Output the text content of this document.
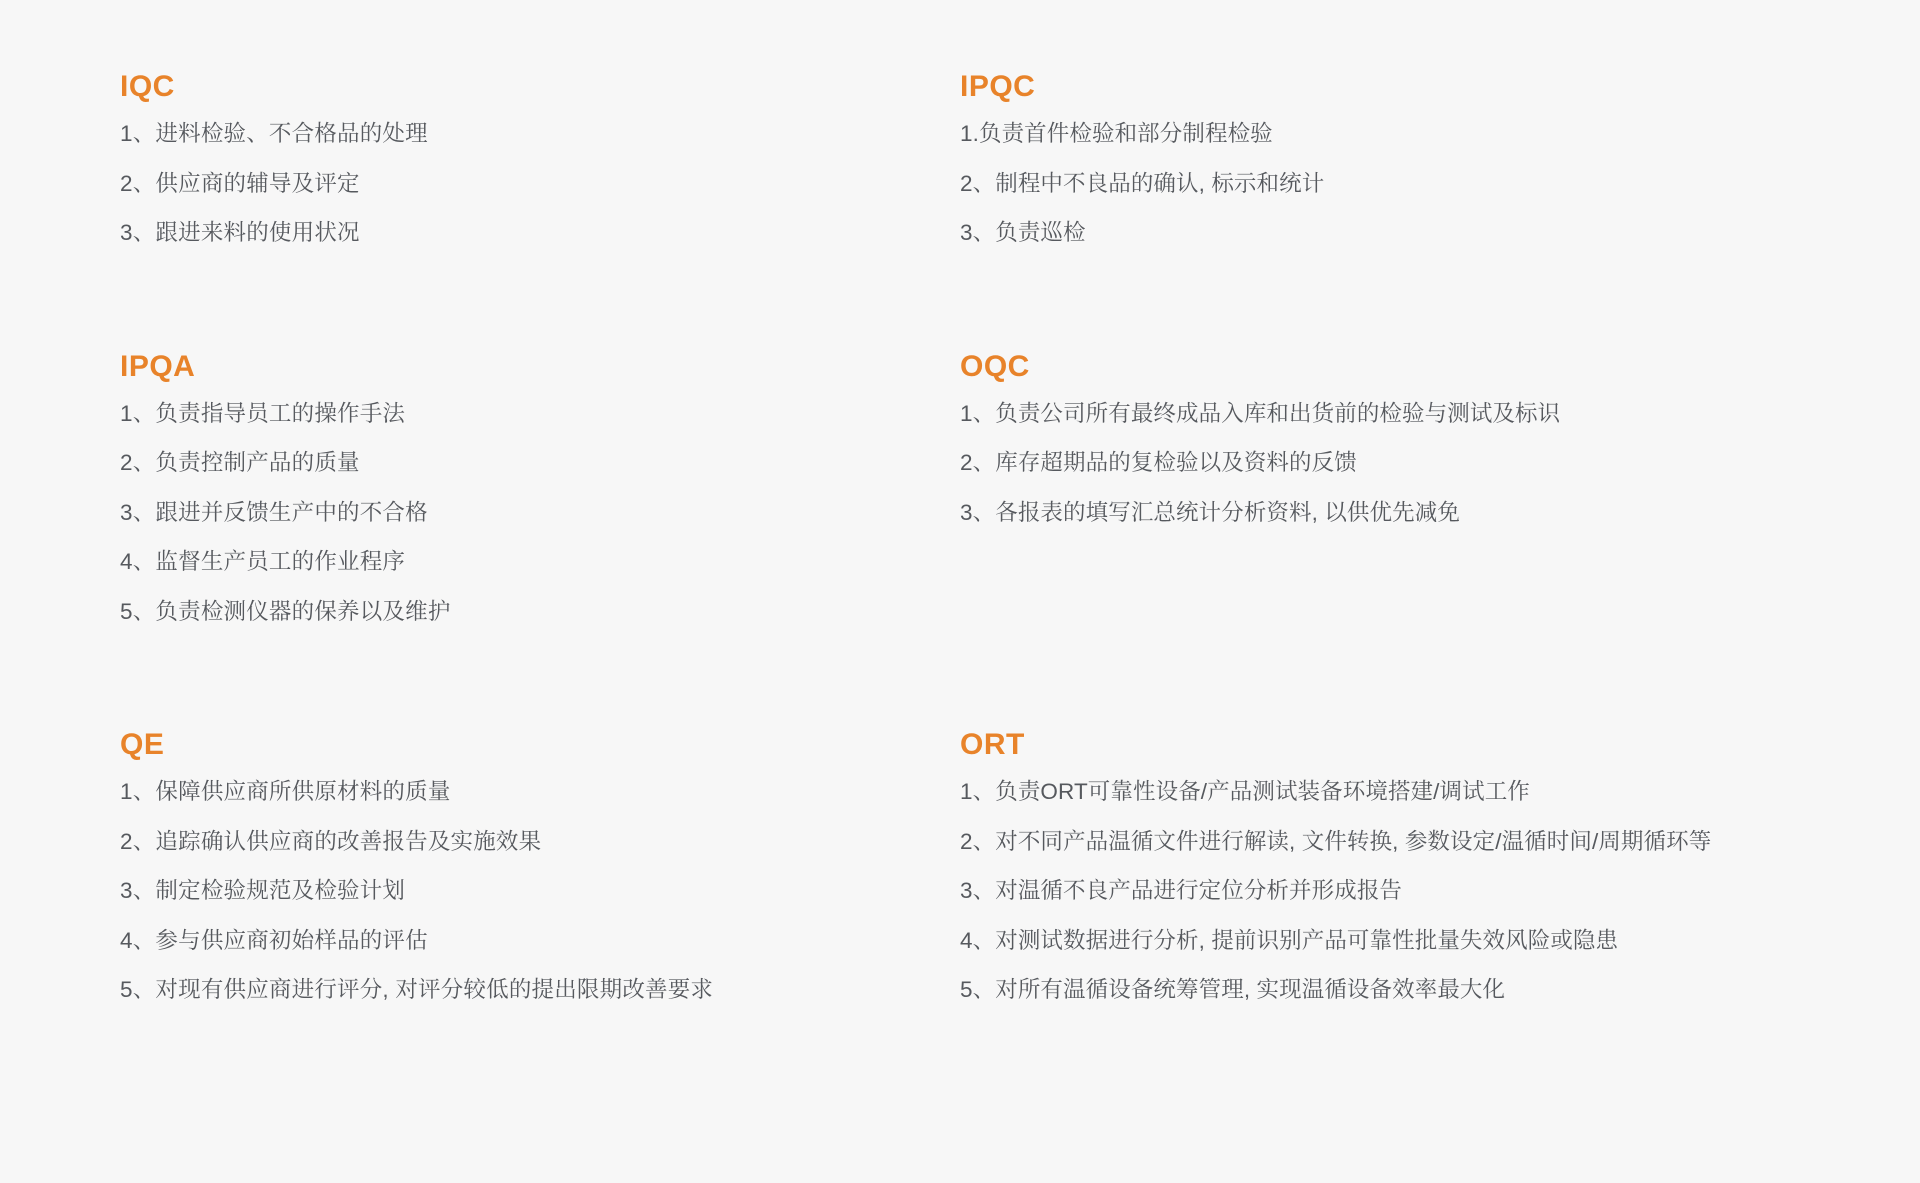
IQC
1、进料检验、不合格品的处理
2、供应商的辅导及评定
3、跟进来料的使用状况
IPQC
1.负责首件检验和部分制程检验
2、制程中不良品的确认, 标示和统计
3、负责巡检
IPQA
1、负责指导员工的操作手法
2、负责控制产品的质量
3、跟进并反馈生产中的不合格
4、监督生产员工的作业程序
5、负责检测仪器的保养以及维护
OQC
1、负责公司所有最终成品入库和出货前的检验与测试及标识
2、库存超期品的复检验以及资料的反馈
3、各报表的填写汇总统计分析资料, 以供优先减免
QE
1、保障供应商所供原材料的质量
2、追踪确认供应商的改善报告及实施效果
3、制定检验规范及检验计划
4、参与供应商初始样品的评估
5、对现有供应商进行评分, 对评分较低的提出限期改善要求
ORT
1、负责ORT可靠性设备/产品测试装备环境搭建/调试工作
2、对不同产品温循文件进行解读, 文件转换, 参数设定/温循时间/周期循环等
3、对温循不良产品进行定位分析并形成报告
4、对测试数据进行分析, 提前识别产品可靠性批量失效风险或隐患
5、对所有温循设备统筹管理, 实现温循设备效率最大化
